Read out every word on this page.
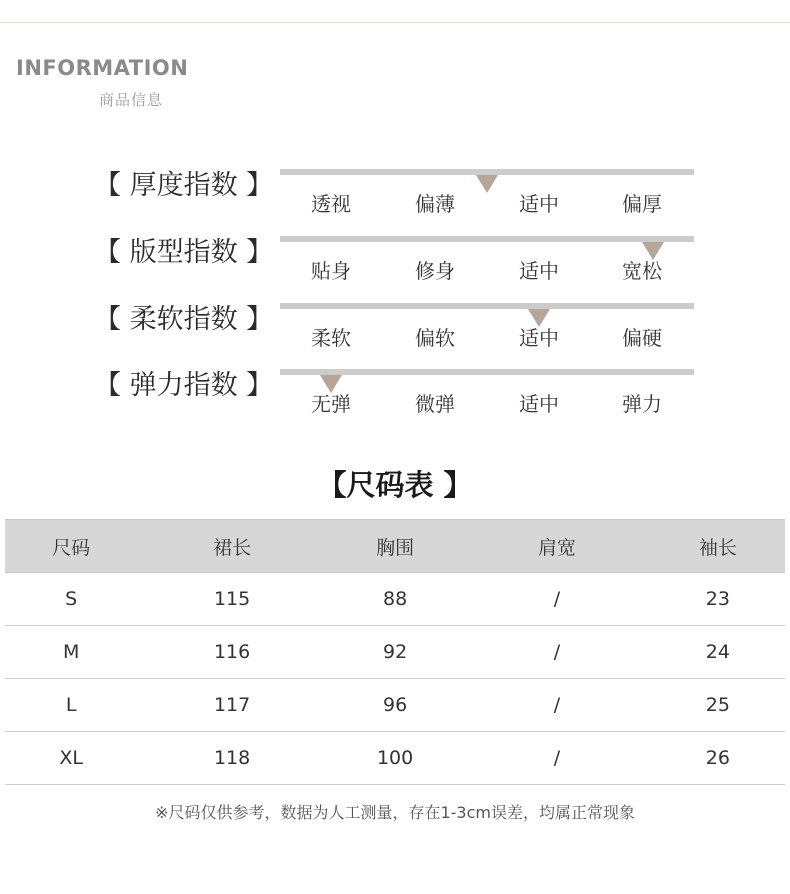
INFORMATION
商品信息
【 厚度指数 】
透视	偏薄	适中	偏厚
【 版型指数 】
贴身	修身	适中	宽松
【 柔软指数 】
柔软	偏软	适中	偏硬
【 弹力指数 】
无弹	微弹	适中	弹力
【尺码表 】
尺码	裙长	胸围	肩宽	袖长
S	115	88	/	23
M	116	92	/	24
L	117	96	/	25
XL	118	100	/	26
※尺码仅供参考，数据为人工测量，存在1-3cm误差，均属正常现象
